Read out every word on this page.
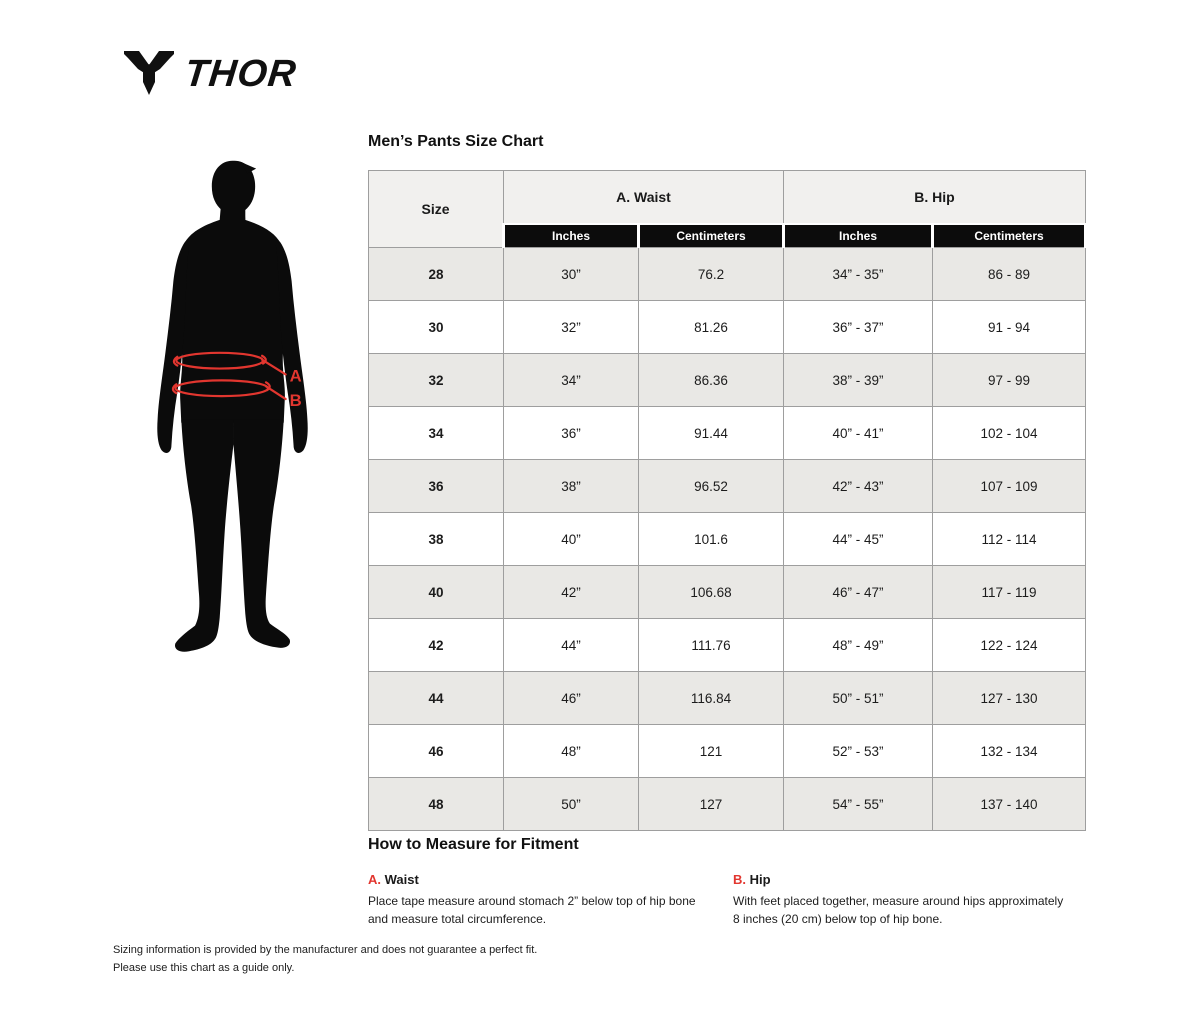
THOR
Men’s Pants Size Chart
A
B
Size	A. Waist		B. Hip	
	Inches	Centimeters	Inches	Centimeters
28	30”	76.2	34” - 35”	86 - 89
30	32”	81.26	36” - 37”	91 - 94
32	34”	86.36	38” - 39”	97 - 99
34	36”	91.44	40” - 41”	102 - 104
36	38”	96.52	42” - 43”	107 - 109
38	40”	101.6	44” - 45”	112 - 114
40	42”	106.68	46” - 47”	117 - 119
42	44”	111.76	48” - 49”	122 - 124
44	46”	116.84	50” - 51”	127 - 130
46	48”	121	52” - 53”	132 - 134
48	50”	127	54” - 55”	137 - 140
How to Measure for Fitment
A. Waist

Place tape measure around stomach 2” below top of hip bone and measure total circumference.

B. Hip

With feet placed together, measure around hips approximately 8 inches (20 cm) below top of hip bone.

Sizing information is provided by the manufacturer and does not guarantee a perfect fit.
Please use this chart as a guide only.
